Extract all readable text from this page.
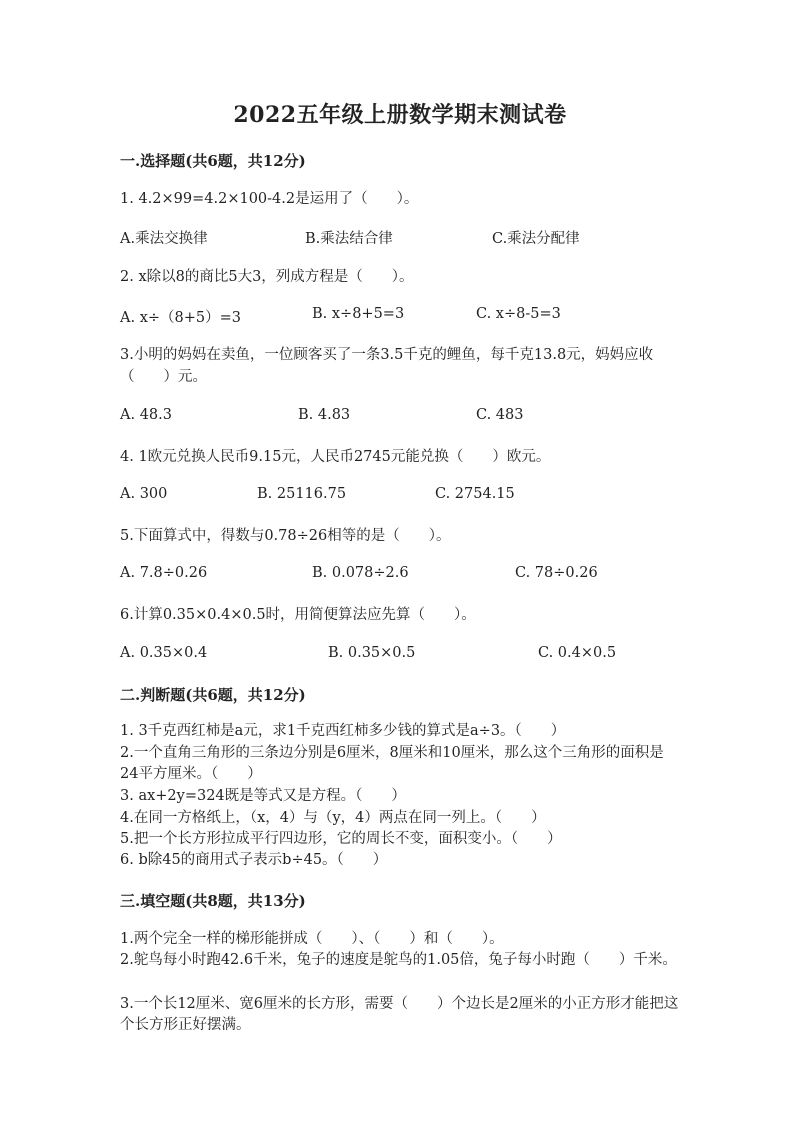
2022五年级上册数学期末测试卷
一.选择题(共6题，共12分)
1. 4.2×99=4.2×100-4.2是运用了（　　）。
A.乘法交换律	B.乘法结合律	C.乘法分配律
2. x除以8的商比5大3，列成方程是（　　）。
A. x÷（8+5）=3	B. x÷8+5=3	C. x÷8-5=3
3.小明的妈妈在卖鱼，一位顾客买了一条3.5千克的鲤鱼，每千克13.8元，妈妈应收（　　）元。
A. 48.3	B. 4.83	C. 483
4. 1欧元兑换人民币9.15元，人民币2745元能兑换（　　）欧元。
A. 300	B. 25116.75	C. 2754.15
5.下面算式中，得数与0.78÷26相等的是（　　）。
A. 7.8÷0.26	B. 0.078÷2.6	C. 78÷0.26
6.计算0.35×0.4×0.5时，用简便算法应先算（　　）。
A. 0.35×0.4	B. 0.35×0.5	C. 0.4×0.5
二.判断题(共6题，共12分)
1. 3千克西红柿是a元，求1千克西红柿多少钱的算式是a÷3。（　　）
2.一个直角三角形的三条边分别是6厘米，8厘米和10厘米，那么这个三角形的面积是24平方厘米。（　　）
3. ax+2y=324既是等式又是方程。（　　）
4.在同一方格纸上，（x，4）与（y，4）两点在同一列上。（　　）
5.把一个长方形拉成平行四边形，它的周长不变，面积变小。（　　）
6. b除45的商用式子表示b÷45。（　　）
三.填空题(共8题，共13分)
1.两个完全一样的梯形能拼成（　　）、（　　）和（　　）。
2.鸵鸟每小时跑42.6千米，兔子的速度是鸵鸟的1.05倍，兔子每小时跑（　　）千米。
3.一个长12厘米、宽6厘米的长方形，需要（　　）个边长是2厘米的小正方形才能把这个长方形正好摆满。
